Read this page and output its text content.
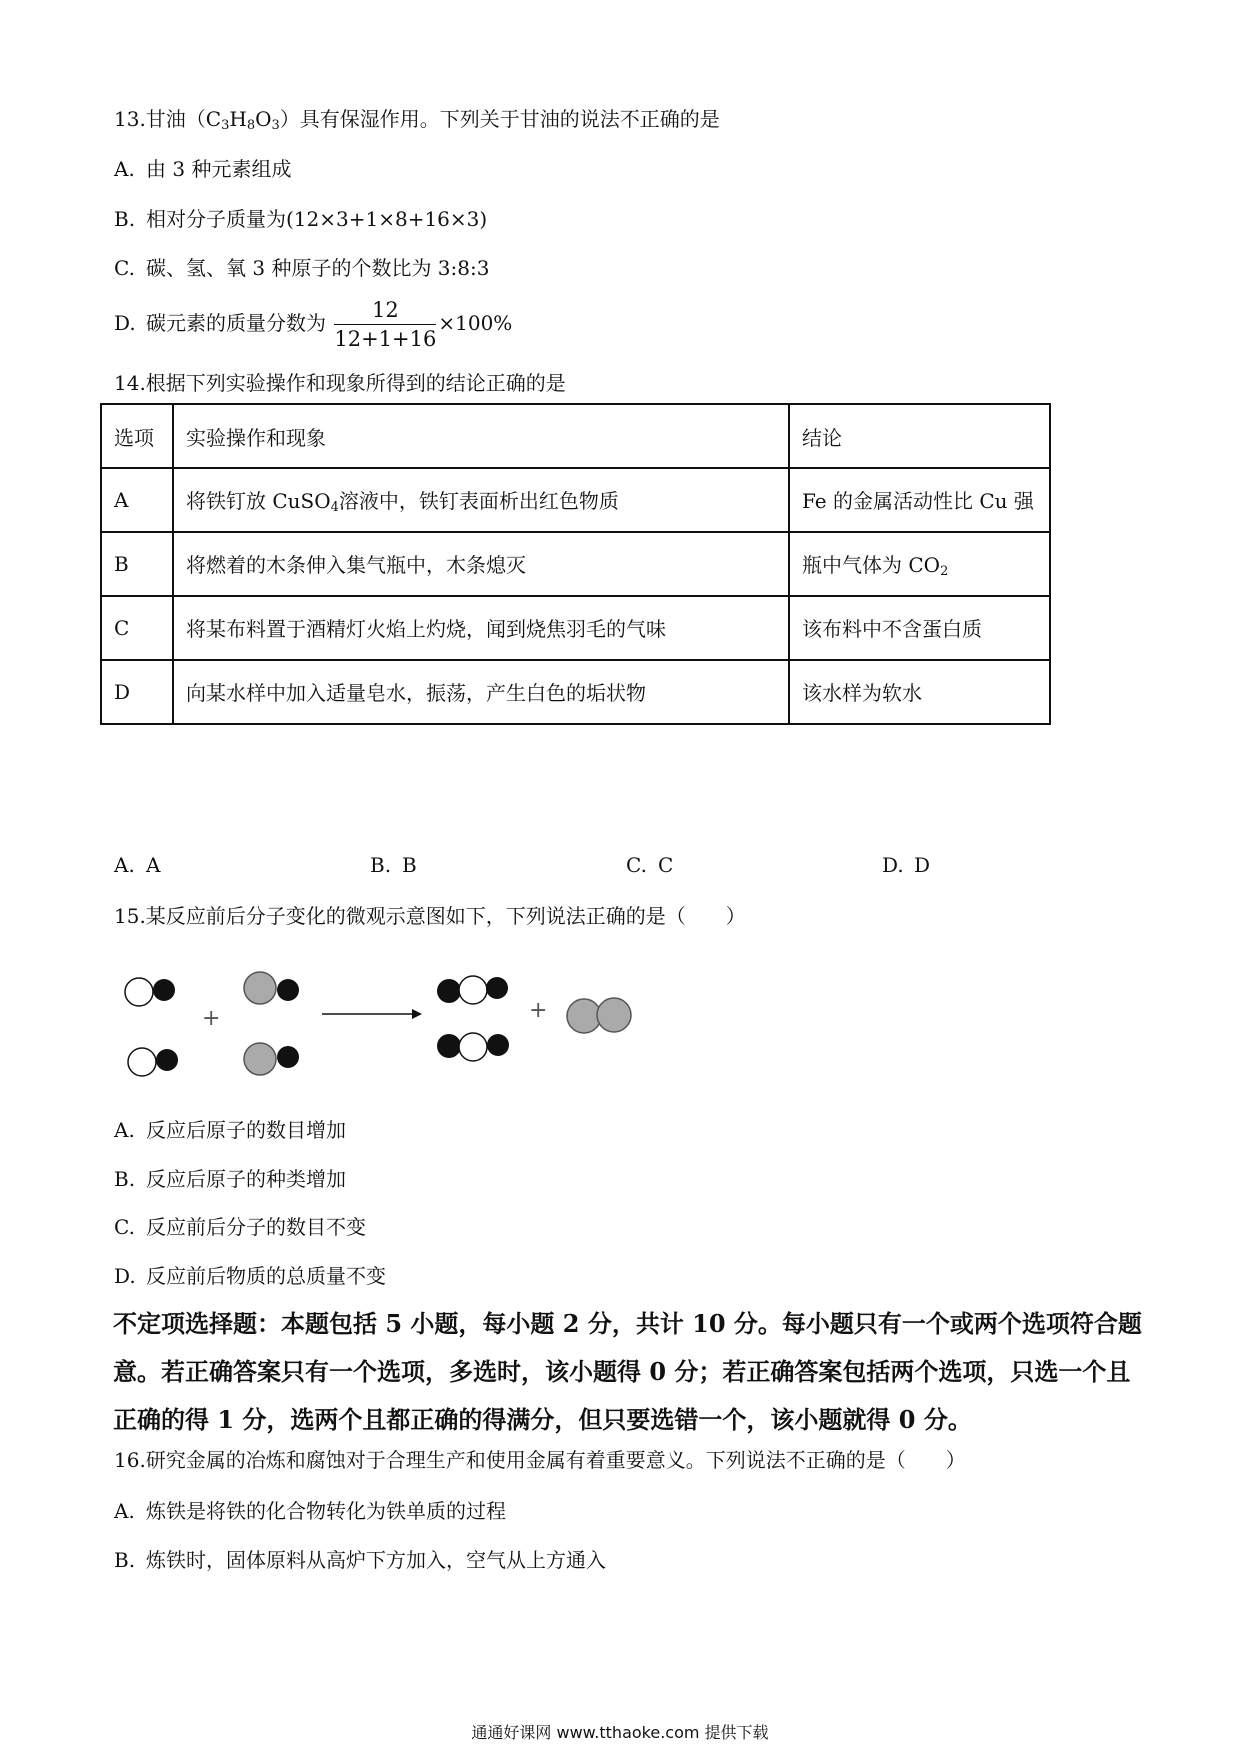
13.甘油$(C_3H_8O_3)$具有保湿作用。下列关于甘油的说法不正确的是
A. 由 3 种元素组成
B. 相对分子质量为(12×3+1×8+16×3)
C. 碳、氢、氧 3 种原子的个数比为 3:8:3
D. 碳元素的质量分数为 $\frac{12}{12+1+16} \times 100\%$
14.根据下列实验操作和现象所得到的结论正确的是
选项	实验操作和现象	结论
A	将铁钉放 CuSO$_4$溶液中，铁钉表面析出红色物质	Fe 的金属活动性比 Cu 强
B	将燃着的木条伸入集气瓶中，木条熄灭	瓶中气体为 $CO_2$
C	将某布料置于酒精灯火焰上灼烧，闻到烧焦羽毛的气味	该布料中不含蛋白质
D	向某水样中加入适量皂水，振荡，产生白色的垢状物	该水样为软水
A. A	B. B	C. C	D. D
15.某反应前后分子变化的微观示意图如下，下列说法正确的是（　　）
+	+
A. 反应后原子的数目增加
B. 反应后原子的种类增加
C. 反应前后分子的数目不变
D. 反应前后物质的总质量不变
不定项选择题：本题包括 5 小题，每小题 2 分，共计 10 分。每小题只有一个或两个选项符合题意。若正确答案只有一个选项，多选时，该小题得 0 分；若正确答案包括两个选项，只选一个且正确的得 1 分，选两个且都正确的得满分，但只要选错一个，该小题就得 0 分。
16.研究金属的冶炼和腐蚀对于合理生产和使用金属有着重要意义。下列说法不正确的是（　　）
A. 炼铁是将铁的化合物转化为铁单质的过程
B. 炼铁时，固体原料从高炉下方加入，空气从上方通入
通通好课网 www.tthaoke.com 提供下载
